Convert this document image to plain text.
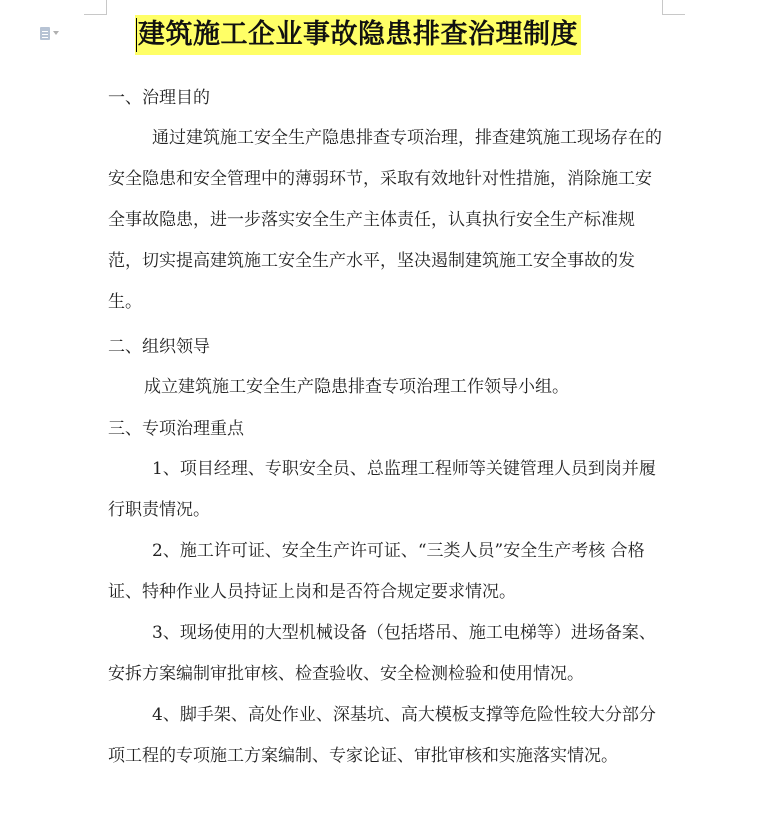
建筑施工企业事故隐患排查治理制度
一、治理目的

通过建筑施工安全生产隐患排查专项治理，排查建筑施工现场存在的安全隐患和安全管理中的薄弱环节，采取有效地针对性措施，消除施工安全事故隐患，进一步落实安全生产主体责任，认真执行安全生产标准规范，切实提高建筑施工安全生产水平，坚决遏制建筑施工安全事故的发生。

二、组织领导

成立建筑施工安全生产隐患排查专项治理工作领导小组。

三、专项治理重点

1、项目经理、专职安全员、总监理工程师等关键管理人员到岗并履行职责情况。

2、施工许可证、安全生产许可证、“三类人员”安全生产考核 合格证、特种作业人员持证上岗和是否符合规定要求情况。

3、现场使用的大型机械设备（包括塔吊、施工电梯等）进场备案、安拆方案编制审批审核、检查验收、安全检测检验和使用情况。

4、脚手架、高处作业、深基坑、高大模板支撑等危险性较大分部分项工程的专项施工方案编制、专家论证、审批审核和实施落实情况。
